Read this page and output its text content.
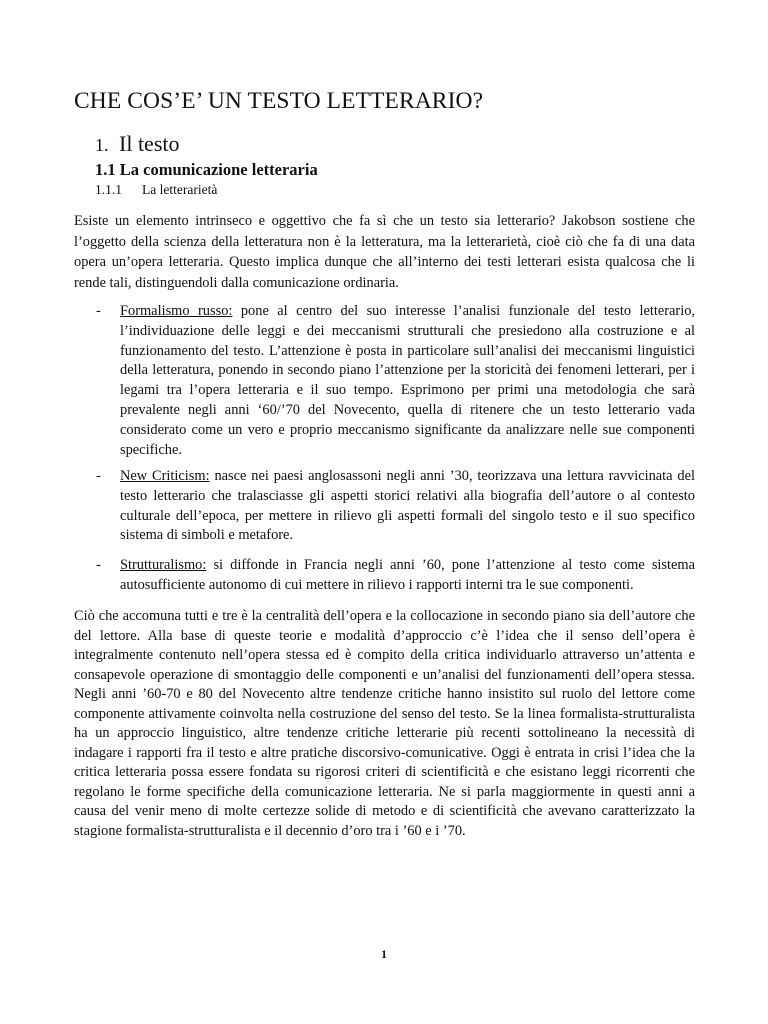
CHE COS’E’ UN TESTO LETTERARIO?
1. Il testo
1.1 La comunicazione letteraria
1.1.1 La letterarietà

Esiste un elemento intrinseco e oggettivo che fa sì che un testo sia letterario? Jakobson sostiene che l’oggetto della scienza della letteratura non è la letteratura, ma la letterarietà, cioè ciò che fa di una data opera un’opera letteraria. Questo implica dunque che all’interno dei testi letterari esista qualcosa che li rende tali, distinguendoli dalla comunicazione ordinaria.

- Formalismo russo: pone al centro del suo interesse l’analisi funzionale del testo letterario, l’individuazione delle leggi e dei meccanismi strutturali che presiedono alla costruzione e al funzionamento del testo. L’attenzione è posta in particolare sull’analisi dei meccanismi linguistici della letteratura, ponendo in secondo piano l’attenzione per la storicità dei fenomeni letterari, per i legami tra l’opera letteraria e il suo tempo. Esprimono per primi una metodologia che sarà prevalente negli anni ‘60/’70 del Novecento, quella di ritenere che un testo letterario vada considerato come un vero e proprio meccanismo significante da analizzare nelle sue componenti specifiche.
- New Criticism: nasce nei paesi anglosassoni negli anni ’30, teorizzava una lettura ravvicinata del testo letterario che tralasciasse gli aspetti storici relativi alla biografia dell’autore o al contesto culturale dell’epoca, per mettere in rilievo gli aspetti formali del singolo testo e il suo specifico sistema di simboli e metafore.
- Strutturalismo: si diffonde in Francia negli anni ’60, pone l’attenzione al testo come sistema autosufficiente autonomo di cui mettere in rilievo i rapporti interni tra le sue componenti.

Ciò che accomuna tutti e tre è la centralità dell’opera e la collocazione in secondo piano sia dell’autore che del lettore. Alla base di queste teorie e modalità d’approccio c’è l’idea che il senso dell’opera è integralmente contenuto nell’opera stessa ed è compito della critica individuarlo attraverso un’attenta e consapevole operazione di smontaggio delle componenti e un’analisi del funzionamenti dell’opera stessa. Negli anni ’60-70 e 80 del Novecento altre tendenze critiche hanno insistito sul ruolo del lettore come componente attivamente coinvolta nella costruzione del senso del testo. Se la linea formalista-strutturalista ha un approccio linguistico, altre tendenze critiche letterarie più recenti sottolineano la necessità di indagare i rapporti fra il testo e altre pratiche discorsivo-comunicative. Oggi è entrata in crisi l’idea che la critica letteraria possa essere fondata su rigorosi criteri di scientificità e che esistano leggi ricorrenti che regolano le forme specifiche della comunicazione letteraria. Ne si parla maggiormente in questi anni a causa del venir meno di molte certezze solide di metodo e di scientificità che avevano caratterizzato la stagione formalista-strutturalista e il decennio d’oro tra i ’60 e i ’70.

1
